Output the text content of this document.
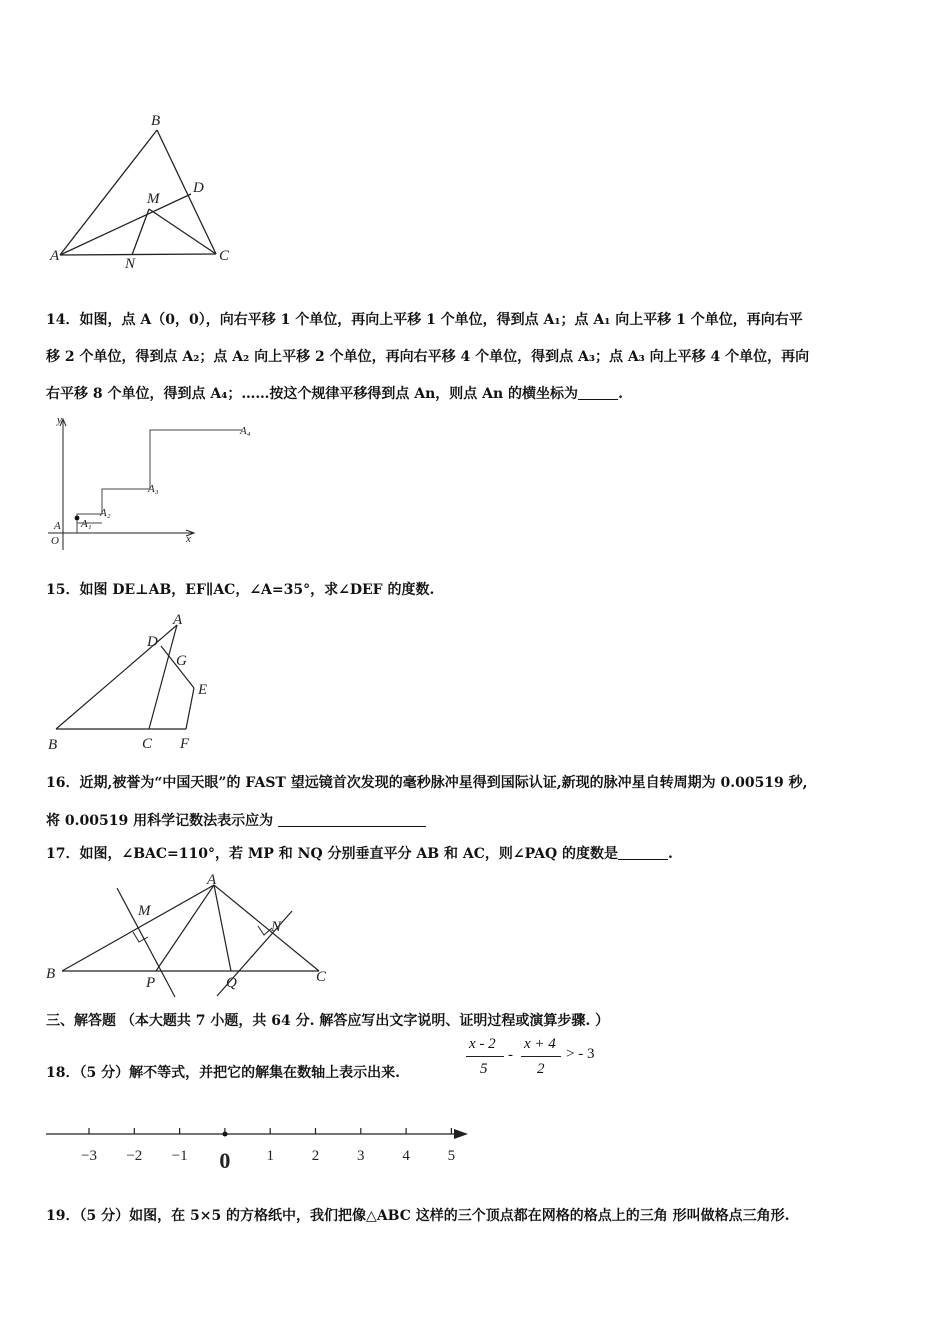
B
D
M
A	N	C
14．如图，点 A（0，0），向右平移 1 个单位，再向上平移 1 个单位，得到点 A₁；点 A₁ 向上平移 1 个单位，再向右平
移 2 个单位，得到点 A₂；点 A₂ 向上平移 2 个单位，再向右平移 4 个单位，得到点 A₃；点 A₃ 向上平移 4 个单位，再向
右平移 8 个单位，得到点 A₄；……按这个规律平移得到点 An，则点 An 的横坐标为	.
y
x
O
A A₁
A₂
A₃
A₄
15．如图 DE⊥AB，EF∥AC，∠A=35°，求∠DEF 的度数.
A
D
G
E
B	C F
16．近期,被誉为“中国天眼”的 FAST 望远镜首次发现的毫秒脉冲星得到国际认证,新现的脉冲星自转周期为 0.00519 秒,
将 0.00519 用科学记数法表示应为
17．如图，∠BAC=110°，若 MP 和 NQ 分别垂直平分 AB 和 AC，则∠PAQ 的度数是	.
A
M
N
B
P	Q	C
三、解答题 （本大题共 7 小题，共 64 分. 解答应写出文字说明、证明过程或演算步骤. ）
18．（5 分）解不等式，并把它的解集在数轴上表示出来.
x - 2
5
-
x + 4
2
> - 3
−3 −2 −1 0 1	2	3	4	5
19．（5 分）如图，在 5×5 的方格纸中，我们把像△ABC 这样的三个顶点都在网格的格点上的三角 形叫做格点三角形.
